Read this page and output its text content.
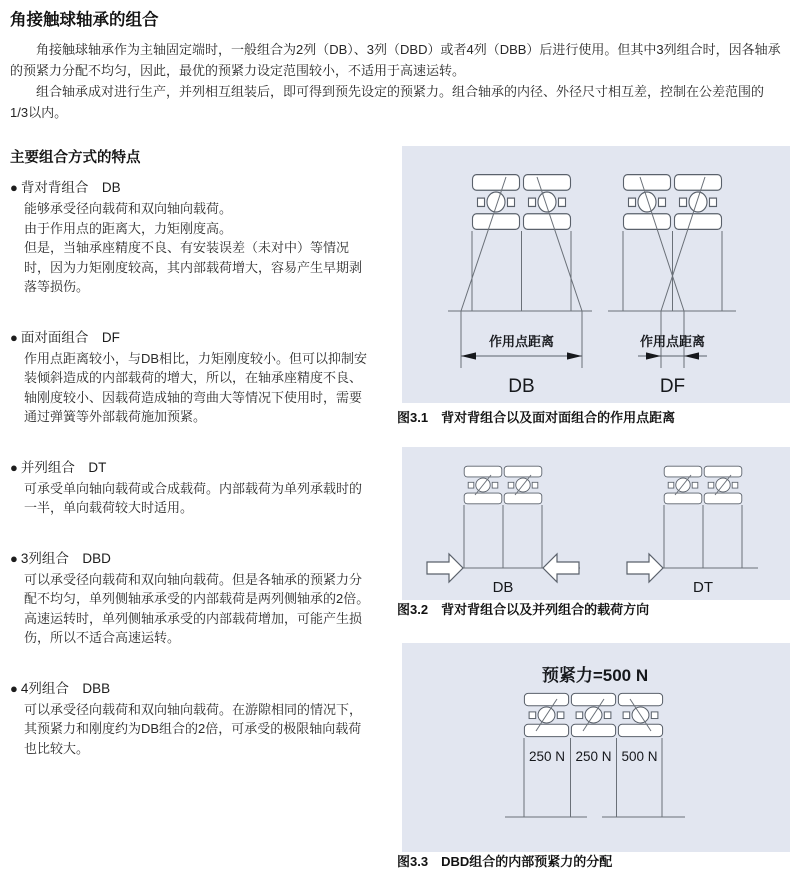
角接触球轴承的组合

角接触球轴承作为主轴固定端时，一般组合为2列（DB）、3列（DBD）或者4列（DBB）后进行使用。但其中3列组合时，因各轴承的预紧力分配不均匀，因此，最优的预紧力设定范围较小，不适用于高速运转。

组合轴承成对进行生产，并列相互组装后，即可得到预先设定的预紧力。组合轴承的内径、外径尺寸相互差，控制在公差范围的1/3以内。

主要组合方式的特点
● 背对背组合　DB

能够承受径向载荷和双向轴向载荷。

由于作用点的距离大，力矩刚度高。

但是，当轴承座精度不良、有安装误差（未对中）等情况时，因为力矩刚度较高，其内部载荷增大，容易产生早期剥落等损伤。

● 面对面组合　DF

作用点距离较小，与DB相比，力矩刚度较小。但可以抑制安装倾斜造成的内部载荷的增大，所以，在轴承座精度不良、轴刚度较小、因载荷造成轴的弯曲大等情况下使用时，需要通过弹簧等外部载荷施加预紧。

● 并列组合　DT

可承受单向轴向载荷或合成载荷。内部载荷为单列承载时的一半，单向载荷较大时适用。

● 3列组合　DBD

可以承受径向载荷和双向轴向载荷。但是各轴承的预紧力分配不均匀，单列侧轴承承受的内部载荷是两列侧轴承的2倍。高速运转时，单列侧轴承承受的内部载荷增加，可能产生损伤，所以不适合高速运转。

● 4列组合　DBB

可以承受径向载荷和双向轴向载荷。在游隙相同的情况下，其预紧力和刚度约为DB组合的2倍，可承受的极限轴向载荷也比较大。

作用点距离
DB
作用点距离
DF
图3.1 背对背组合以及面对面组合的作用点距离
DB	DT
图3.2 背对背组合以及并列组合的载荷方向
预紧力=500 N
250 N 250 N 500 N
图3.3 DBD组合的内部预紧力的分配
